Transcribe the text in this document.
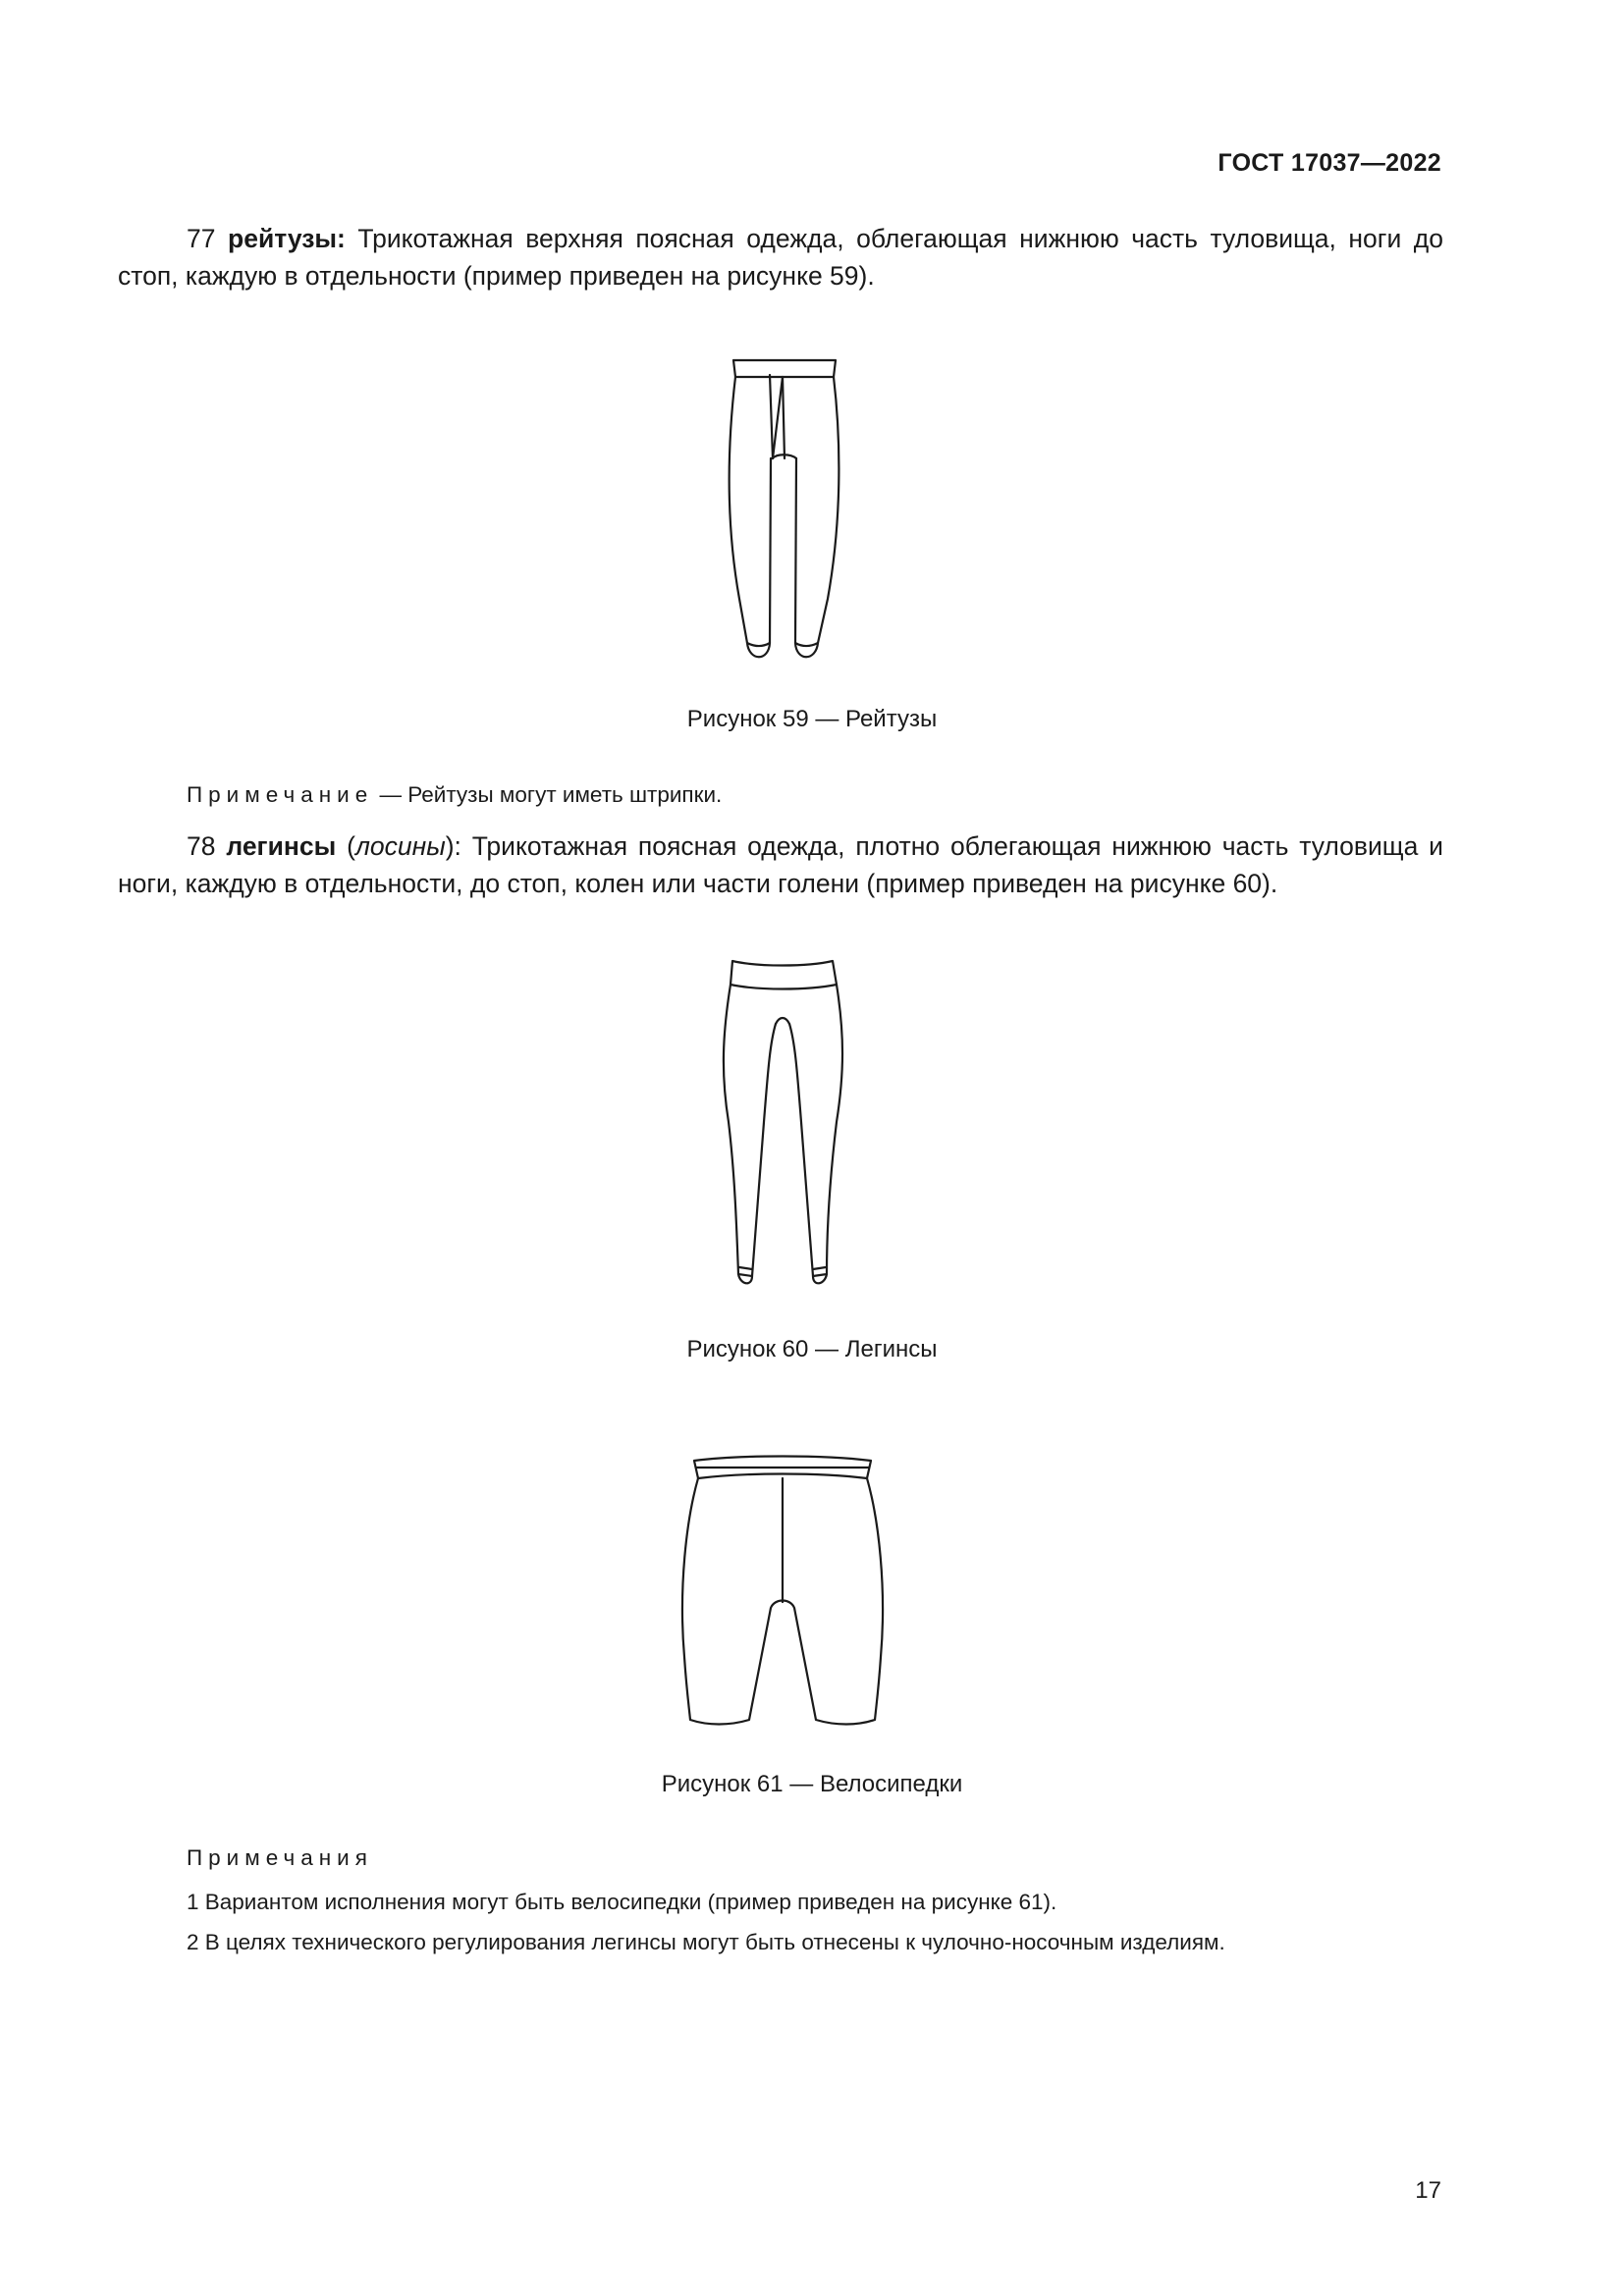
ГОСТ 17037—2022
77 рейтузы: Трикотажная верхняя поясная одежда, облегающая нижнюю часть туловища, ноги до стоп, каждую в отдельности (пример приведен на рисунке 59).
Рисунок 59 — Рейтузы
Примечание — Рейтузы могут иметь штрипки.
78 легинсы (лосины): Трикотажная поясная одежда, плотно облегающая нижнюю часть туловища и ноги, каждую в отдельности, до стоп, колен или части голени (пример приведен на рисунке 60).
Рисунок 60 — Легинсы
Рисунок 61 — Велосипедки
Примечания
1 Вариантом исполнения могут быть велосипедки (пример приведен на рисунке 61).
2 В целях технического регулирования легинсы могут быть отнесены к чулочно-носочным изделиям.
17
